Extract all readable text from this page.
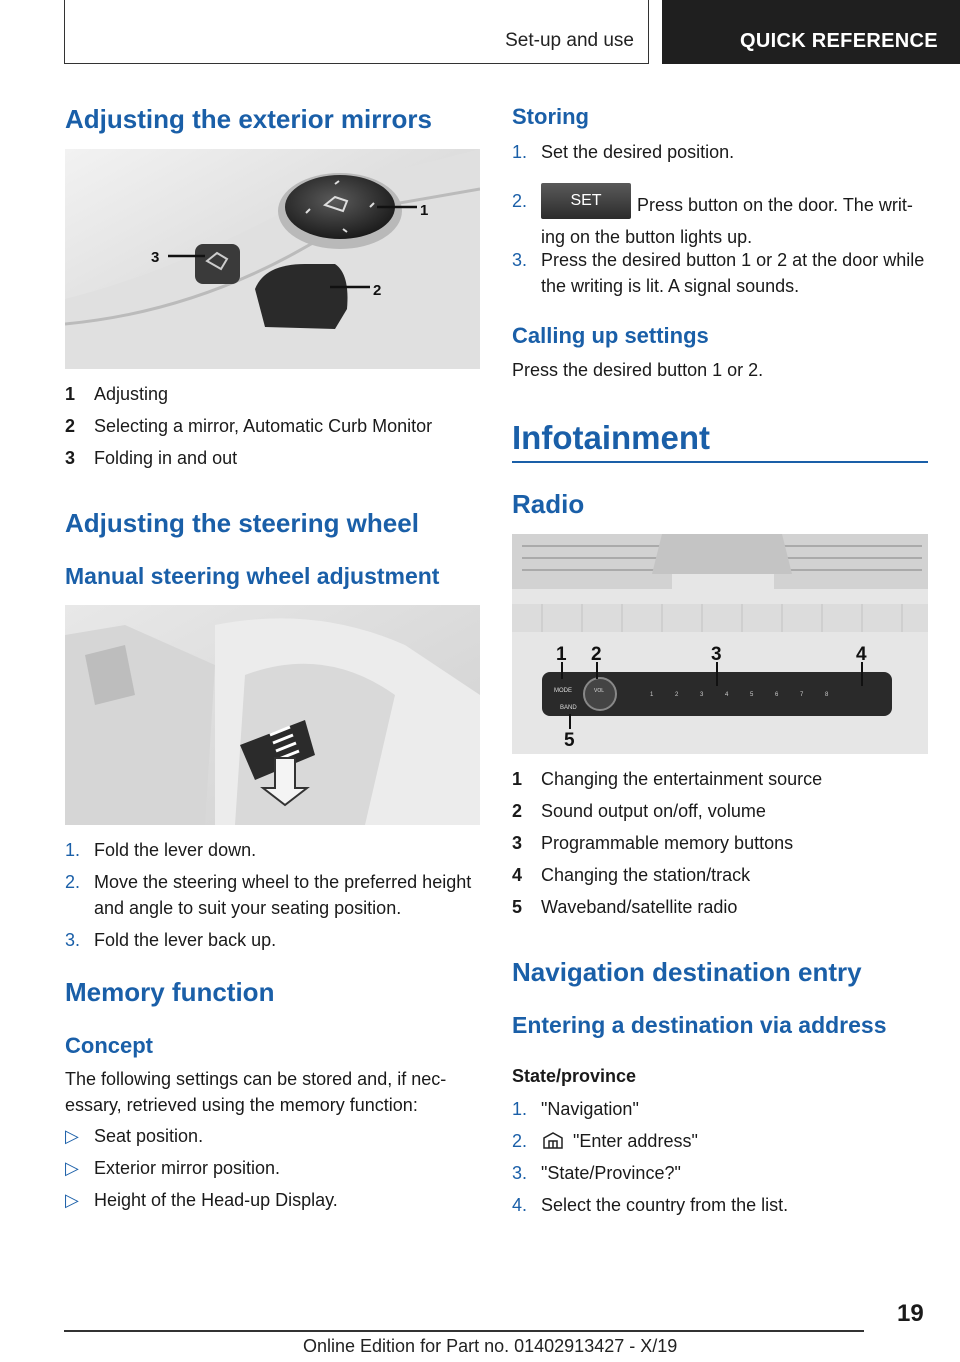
Set-up and use	QUICK REFERENCE
Adjusting the exterior mirrors
1
2
3
1 Adjusting
2 Selecting a mirror, Automatic Curb Monitor
3 Folding in and out
Adjusting the steering wheel
Manual steering wheel adjustment
1. Fold the lever down.
2. Move the steering wheel to the preferred height and angle to suit your seating position.
3. Fold the lever back up.
Memory function
Concept
The following settings can be stored and, if necessary, retrieved using the memory function:
▷ Seat position.
▷ Exterior mirror position.
▷ Height of the Head-up Display.
Storing
1. Set the desired position.
2.	SET Press button on the door. The writing on the button lights up.
3. Press the desired button 1 or 2 at the door while the writing is lit. A signal sounds.
Calling up settings
Press the desired button 1 or 2.
Infotainment
Radio
MODE
BAND
VOL
1	2	3	4	5	6	7	8
1 2	3	4
5
1 Changing the entertainment source
2 Sound output on/off, volume
3 Programmable memory buttons
4 Changing the station/track
5 Waveband/satellite radio
Navigation destination entry
Entering a destination via address
State/province
1. "Navigation"
2.	"Enter address"
3. "State/Province?"
4. Select the country from the list.
19
Online Edition for Part no. 01402913427 - X/19
